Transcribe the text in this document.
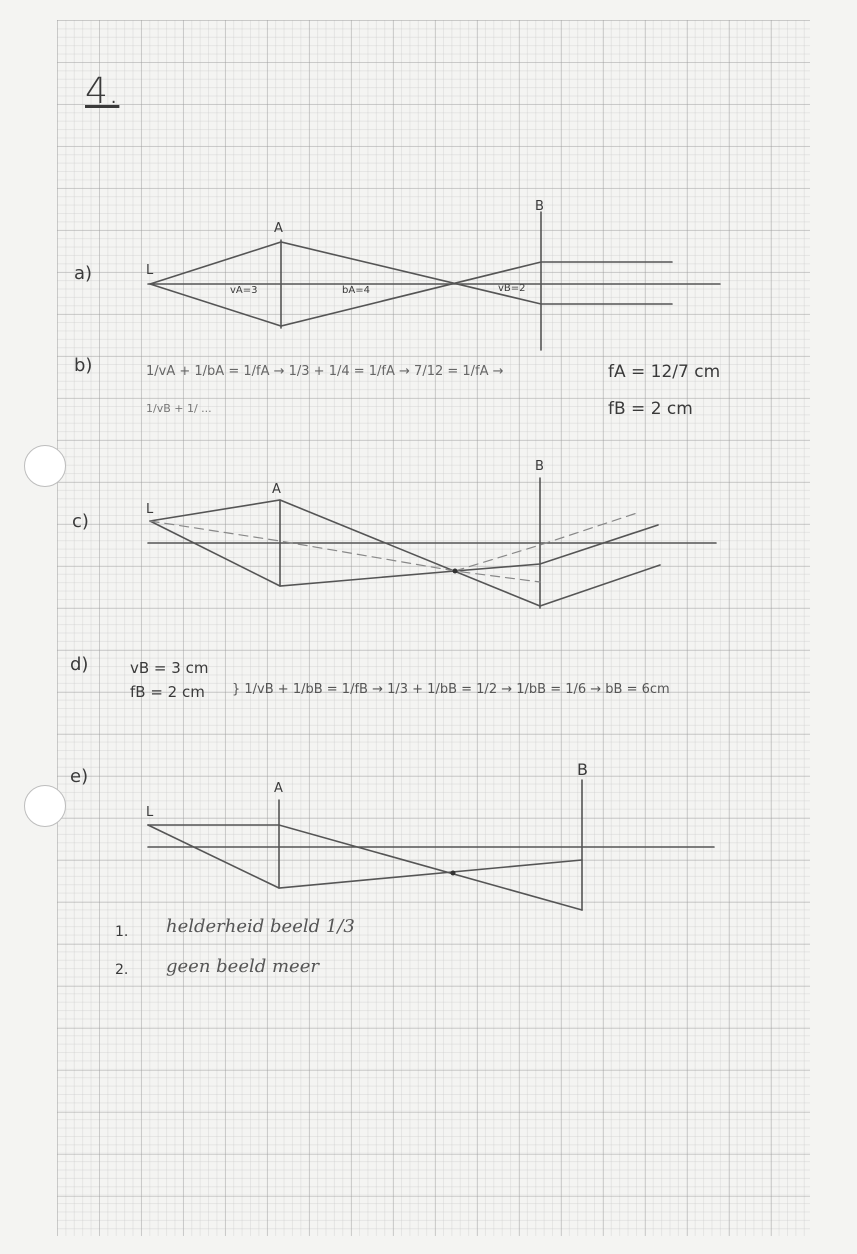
4.
a)	L
A
B
vA=3	bA=4	vB=2
b)	1/vA + 1/bA = 1/fA → 1/3 + 1/4 = 1/fA → 7/12 = 1/fA →
1/vB + 1/ ...
fA = 12/7 cm
fB = 2 cm
c)
L
A
B
d)	vB = 3 cm
fB = 2 cm } 1/vB + 1/bB = 1/fB → 1/3 + 1/bB = 1/2 → 1/bB = 1/6 → bB = 6cm
e)
L
A
B
1. helderheid beeld 1/3
2. geen beeld meer
